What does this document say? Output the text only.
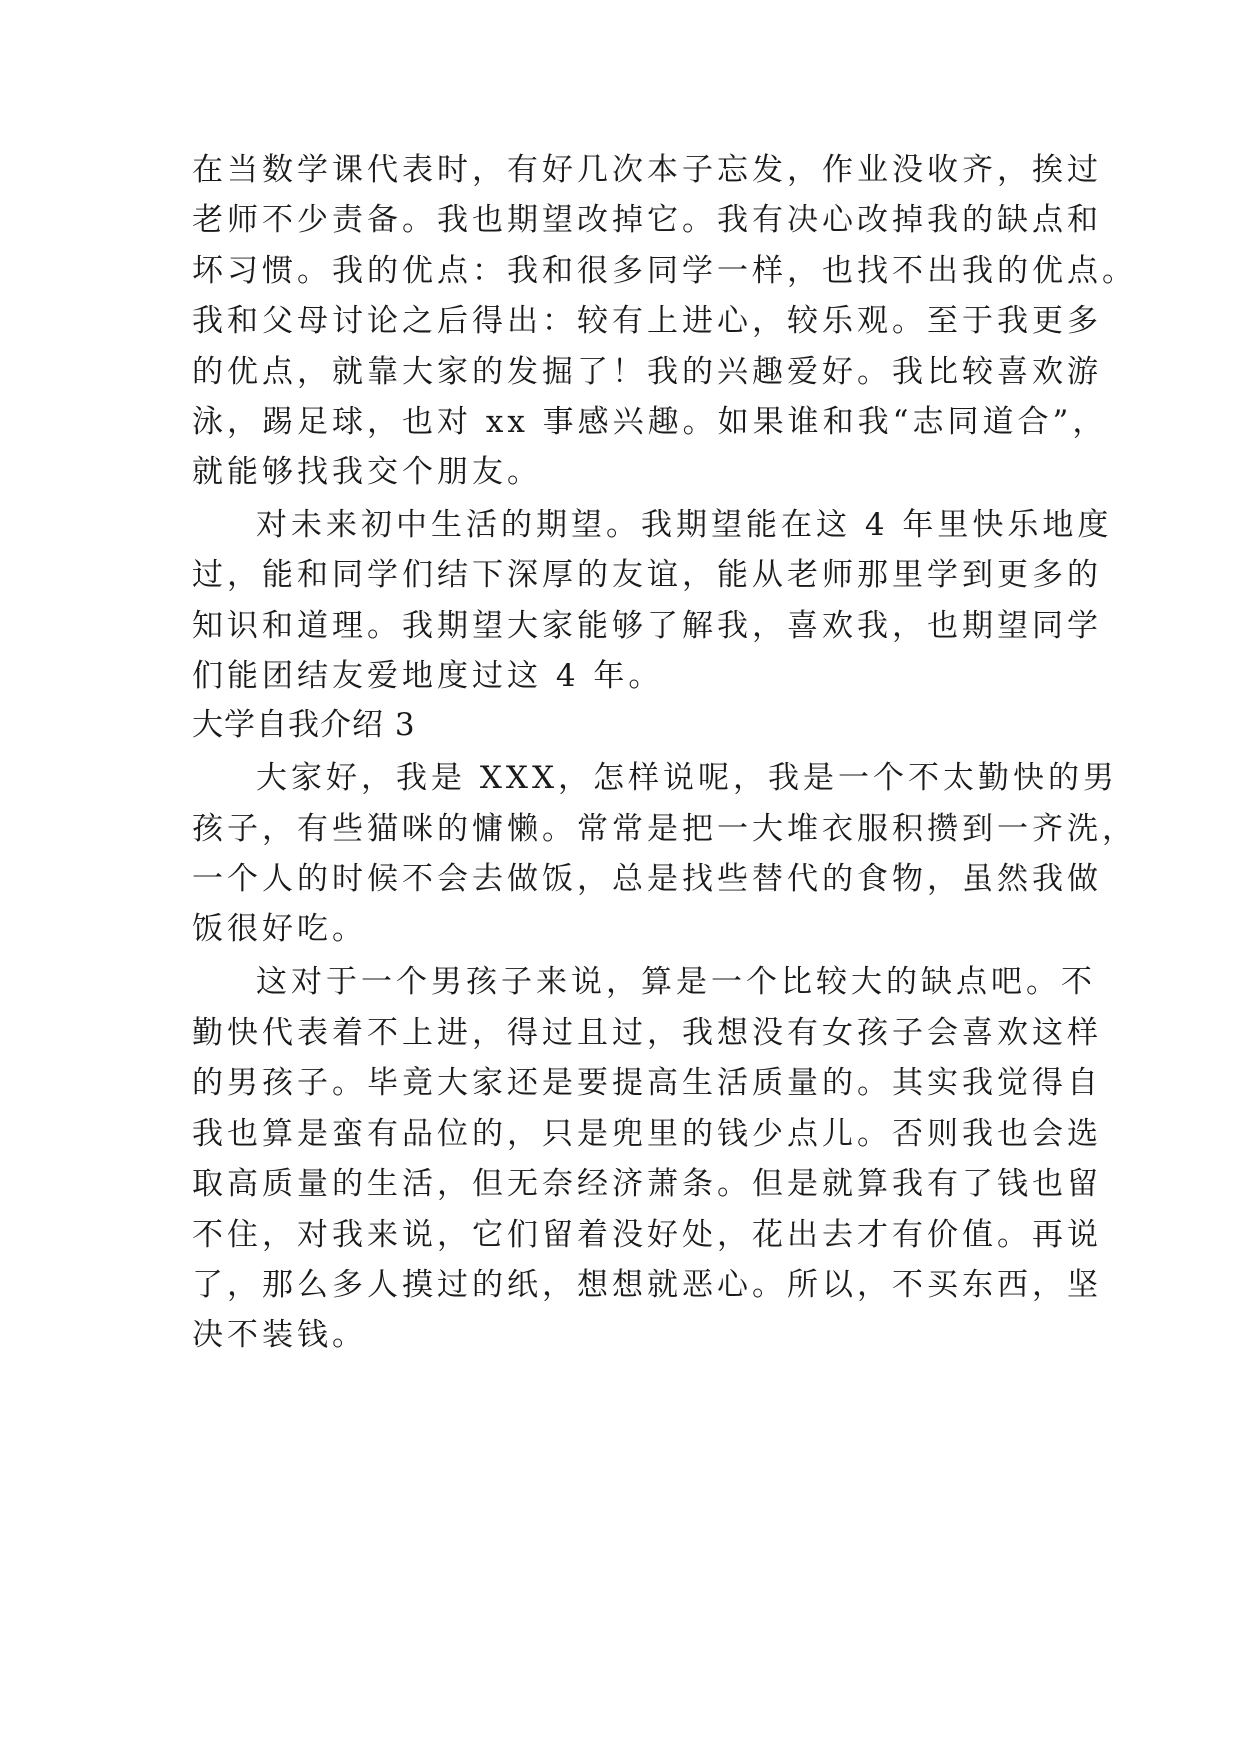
在当数学课代表时，有好几次本子忘发，作业没收齐，挨过
老师不少责备。我也期望改掉它。我有决心改掉我的缺点和
坏习惯。我的优点：我和很多同学一样，也找不出我的优点。
我和父母讨论之后得出：较有上进心，较乐观。至于我更多
的优点，就靠大家的发掘了！我的兴趣爱好。我比较喜欢游
泳，踢足球，也对 xx 事感兴趣。如果谁和我“志同道合”，
就能够找我交个朋友。
对未来初中生活的期望。我期望能在这 4 年里快乐地度
过，能和同学们结下深厚的友谊，能从老师那里学到更多的
知识和道理。我期望大家能够了解我，喜欢我，也期望同学
们能团结友爱地度过这 4 年。
大学自我介绍 3
大家好，我是 XXX，怎样说呢，我是一个不太勤快的男
孩子，有些猫咪的慵懒。常常是把一大堆衣服积攒到一齐洗，
一个人的时候不会去做饭，总是找些替代的食物，虽然我做
饭很好吃。
这对于一个男孩子来说，算是一个比较大的缺点吧。不
勤快代表着不上进，得过且过，我想没有女孩子会喜欢这样
的男孩子。毕竟大家还是要提高生活质量的。其实我觉得自
我也算是蛮有品位的，只是兜里的钱少点儿。否则我也会选
取高质量的生活，但无奈经济萧条。但是就算我有了钱也留
不住，对我来说，它们留着没好处，花出去才有价值。再说
了，那么多人摸过的纸，想想就恶心。所以，不买东西，坚
决不装钱。
